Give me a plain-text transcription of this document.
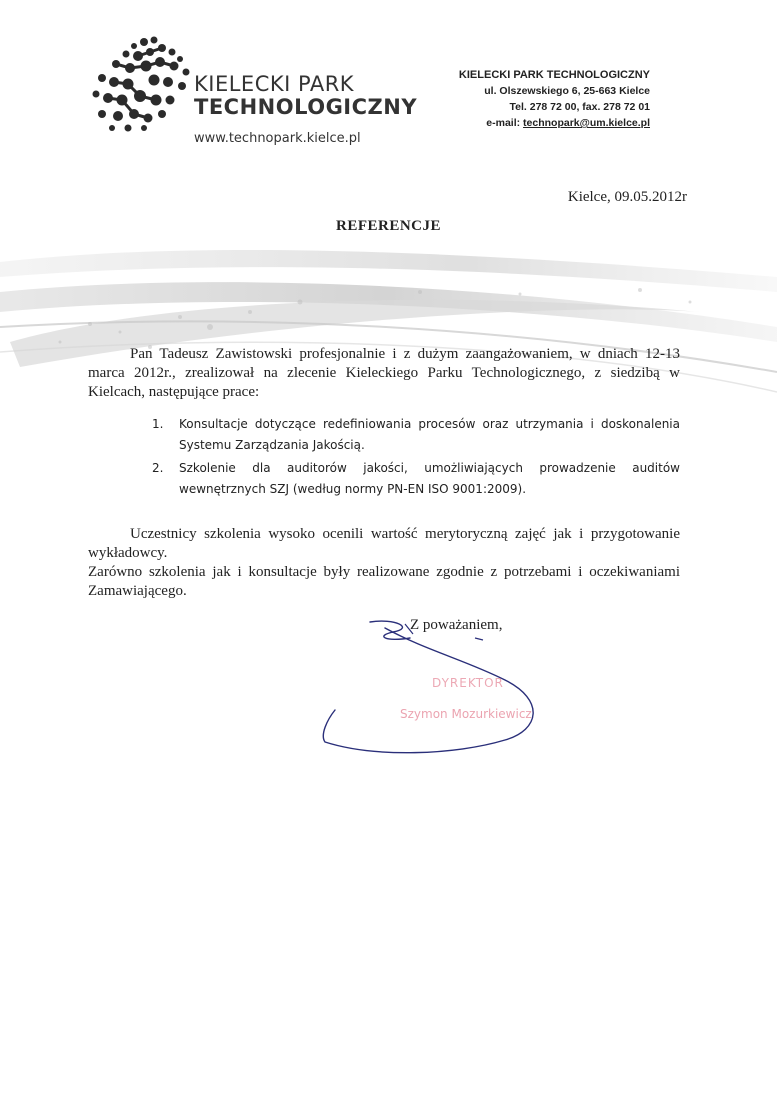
KIELECKI PARK
TECHNOLOGICZNY
www.technopark.kielce.pl
KIELECKI PARK TECHNOLOGICZNY
ul. Olszewskiego 6, 25-663 Kielce
Tel. 278 72 00, fax. 278 72 01
e-mail: technopark@um.kielce.pl
Kielce, 09.05.2012r
REFERENCJE
Pan Tadeusz Zawistowski profesjonalnie i z dużym zaangażowaniem, w dniach 12-13 marca 2012r., zrealizował na zlecenie Kieleckiego Parku Technologicznego, z siedzibą w Kielcach, następujące prace:
1. Konsultacje dotyczące redefiniowania procesów oraz utrzymania i doskonalenia Systemu Zarządzania Jakością.
2. Szkolenie dla auditorów jakości, umożliwiających prowadzenie auditów wewnętrznych SZJ (według normy PN-EN ISO 9001:2009).
Uczestnicy szkolenia wysoko ocenili wartość merytoryczną zajęć jak i przygotowanie wykładowcy.
Zarówno szkolenia jak i konsultacje były realizowane zgodnie z potrzebami i oczekiwaniami Zamawiającego.
Z poważaniem,
DYREKTOR
Szymon Mozurkiewicz
